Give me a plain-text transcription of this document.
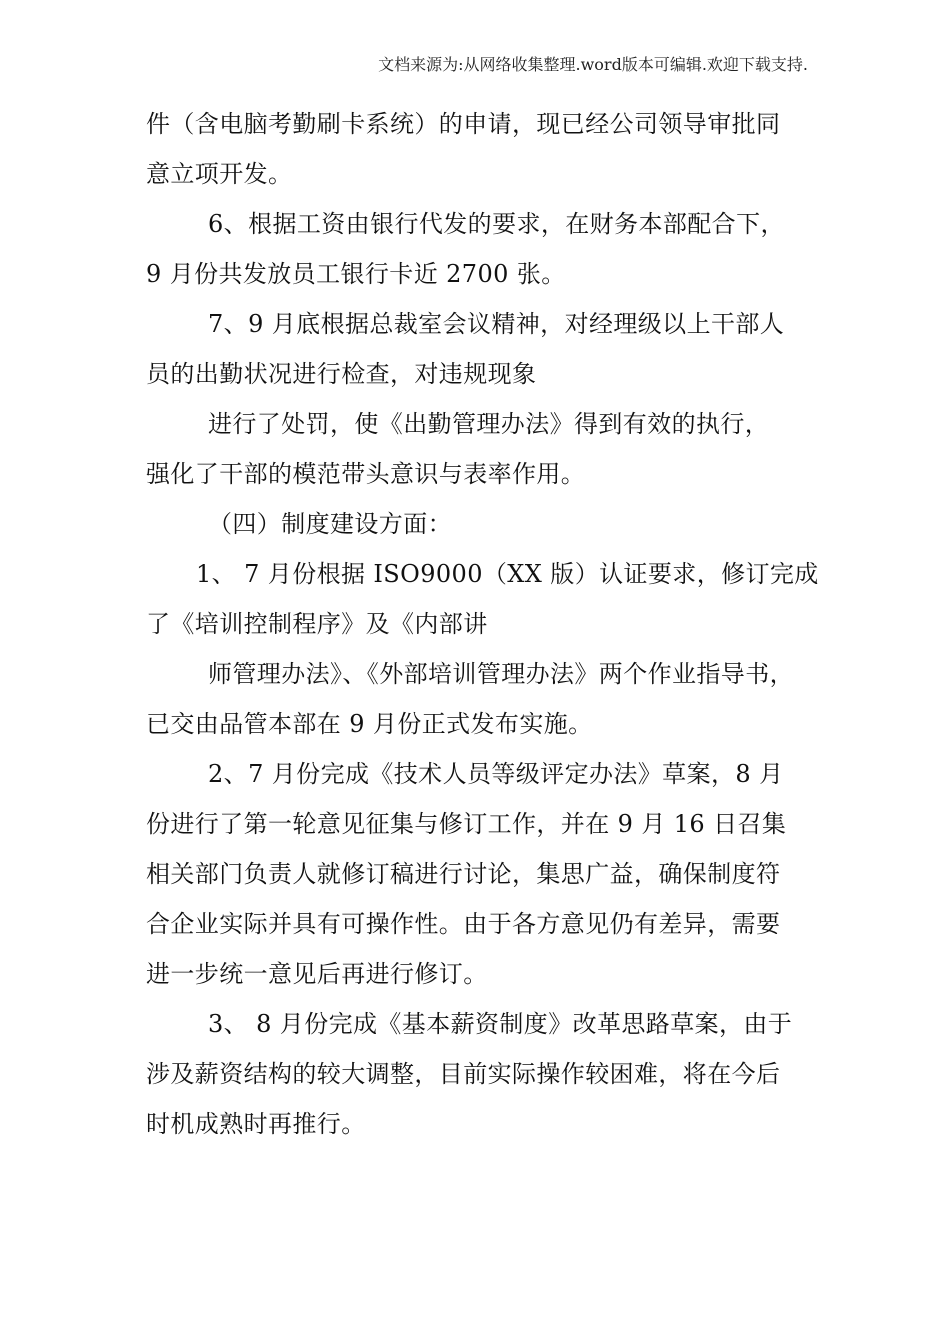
文档来源为:从网络收集整理.word版本可编辑.欢迎下载支持.
件（含电脑考勤刷卡系统）的申请，现已经公司领导审批同
意立项开发。
6、根据工资由银行代发的要求，在财务本部配合下，
9 月份共发放员工银行卡近 2700 张。
7、9 月底根据总裁室会议精神，对经理级以上干部人
员的出勤状况进行检查，对违规现象
进行了处罚，使《出勤管理办法》得到有效的执行，
强化了干部的模范带头意识与表率作用。
（四）制度建设方面：
1、 7 月份根据 ISO9000（XX 版）认证要求，修订完成
了《培训控制程序》及《内部讲
师管理办法》、《外部培训管理办法》两个作业指导书，
已交由品管本部在 9 月份正式发布实施。
2、7 月份完成《技术人员等级评定办法》草案，8 月
份进行了第一轮意见征集与修订工作，并在 9 月 16 日召集
相关部门负责人就修订稿进行讨论，集思广益，确保制度符
合企业实际并具有可操作性。由于各方意见仍有差异，需要
进一步统一意见后再进行修订。
3、 8 月份完成《基本薪资制度》改革思路草案，由于
涉及薪资结构的较大调整，目前实际操作较困难，将在今后
时机成熟时再推行。
